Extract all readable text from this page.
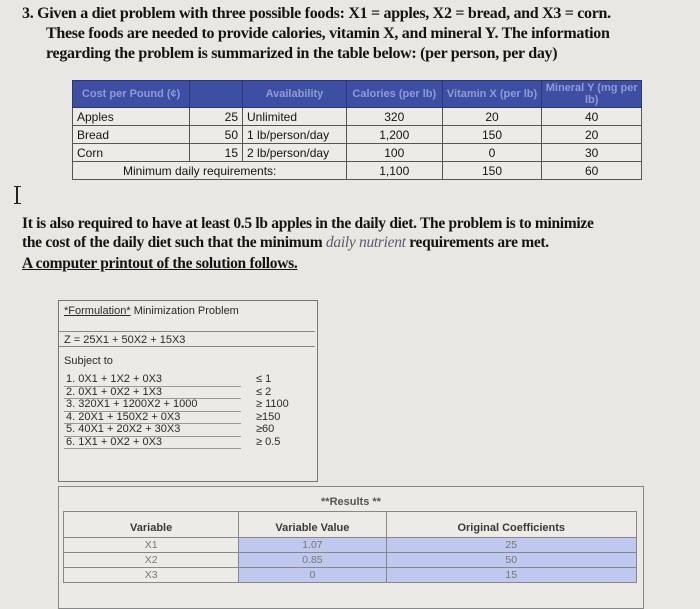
3. Given a diet problem with three possible foods: X1 = apples, X2 = bread, and X3 = corn.
These foods are needed to provide calories, vitamin X, and mineral Y. The information
regarding the problem is summarized in the table below: (per person, per day)
Cost per Pound (¢)		Availability	Calories (per lb)	Vitamin X (per lb)	Mineral Y (mg per lb)
Apples	25	Unlimited	320	20	40
Bread	50	1 lb/person/day	1,200	150	20
Corn	15	2 lb/person/day	100	0	30
Minimum daily requirements:			1,100	150	60
It is also required to have at least 0.5 lb apples in the daily diet. The problem is to minimize
the cost of the daily diet such that the minimum daily nutrient requirements are met.
A computer printout of the solution follows.
*Formulation* Minimization Problem
Z = 25X1 + 50X2 + 15X3
Subject to
1. 0X1 + 1X2 + 0X3	≤ 1
2. 0X1 + 0X2 + 1X3	≤ 2
3. 320X1 + 1200X2 + 1000	≥ 1100
4. 20X1 + 150X2 + 0X3	≥150
5. 40X1 + 20X2 + 30X3	≥60
6. 1X1 + 0X2 + 0X3	≥ 0.5
**Results **
Variable	Variable Value	Original Coefficients
X1	1.07	25
X2	0.85	50
X3	0	15
